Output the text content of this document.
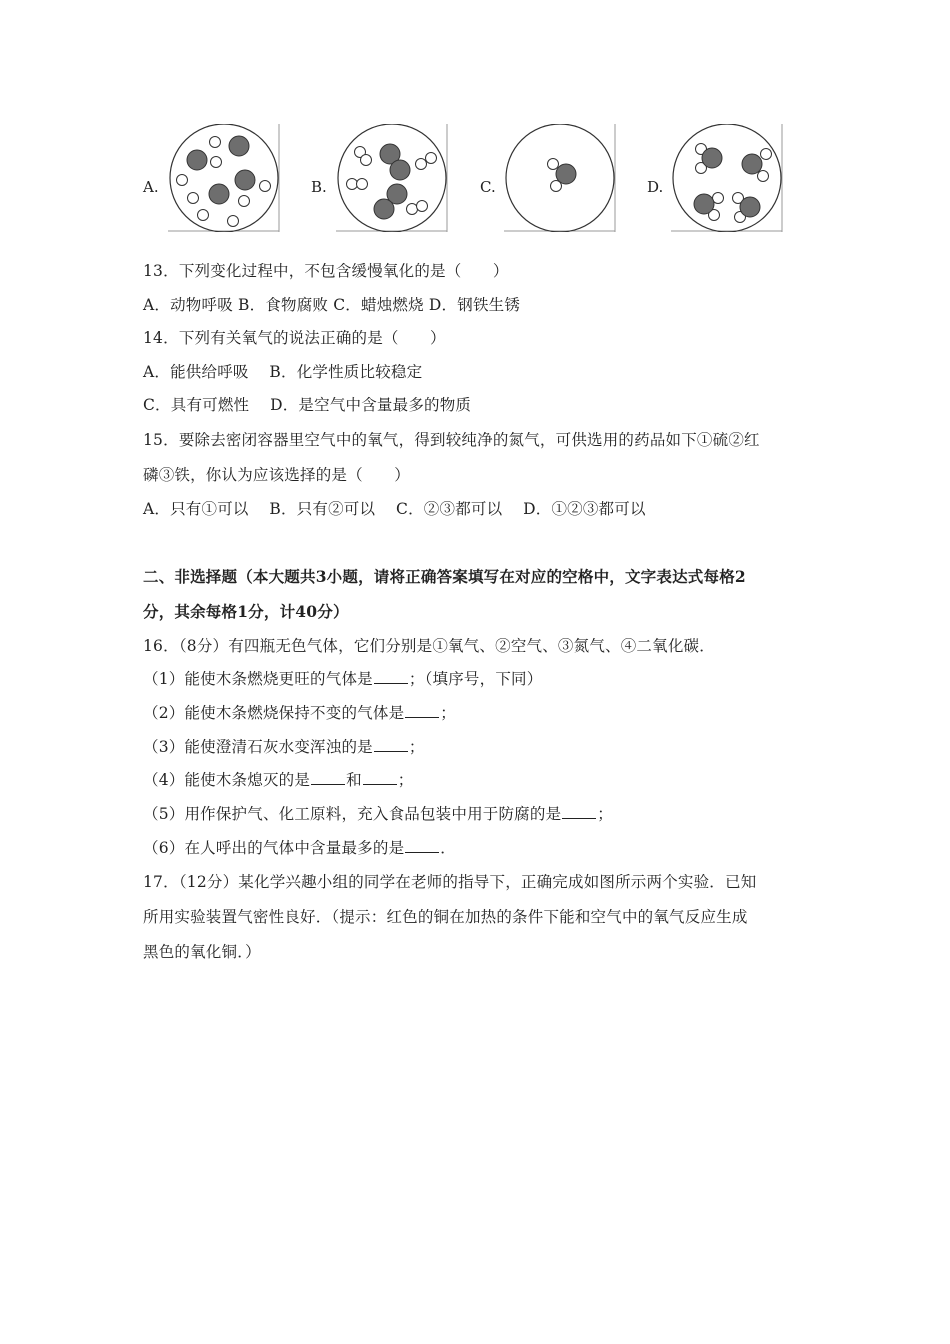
A.	B.	C.	D.
13．下列变化过程中，不包含缓慢氧化的是（　　）
A．动物呼吸 B．食物腐败 C．蜡烛燃烧 D．钢铁生锈
14．下列有关氧气的说法正确的是（　　）
A．能供给呼吸　 B．化学性质比较稳定
C．具有可燃性　 D．是空气中含量最多的物质
15．要除去密闭容器里空气中的氧气，得到较纯净的氮气，可供选用的药品如下①硫②红
磷③铁，你认为应该选择的是（　　）
A．只有①可以　 B．只有②可以　 C．②③都可以　 D．①②③都可以
二、非选择题（本大题共3小题，请将正确答案填写在对应的空格中，文字表达式每格2
分，其余每格1分，计40分）
16．（8分）有四瓶无色气体，它们分别是①氧气、②空气、③氮气、④二氧化碳．
（1）能使木条燃烧更旺的气体是 ；（填序号，下同）
（2）能使木条燃烧保持不变的气体是 ；
（3）能使澄清石灰水变浑浊的是 ；
（4）能使木条熄灭的是 和 ；
（5）用作保护气、化工原料，充入食品包装中用于防腐的是 ；
（6）在人呼出的气体中含量最多的是 ．
17．（12分）某化学兴趣小组的同学在老师的指导下，正确完成如图所示两个实验．已知
所用实验装置气密性良好．（提示：红色的铜在加热的条件下能和空气中的氧气反应生成
黑色的氧化铜．）
